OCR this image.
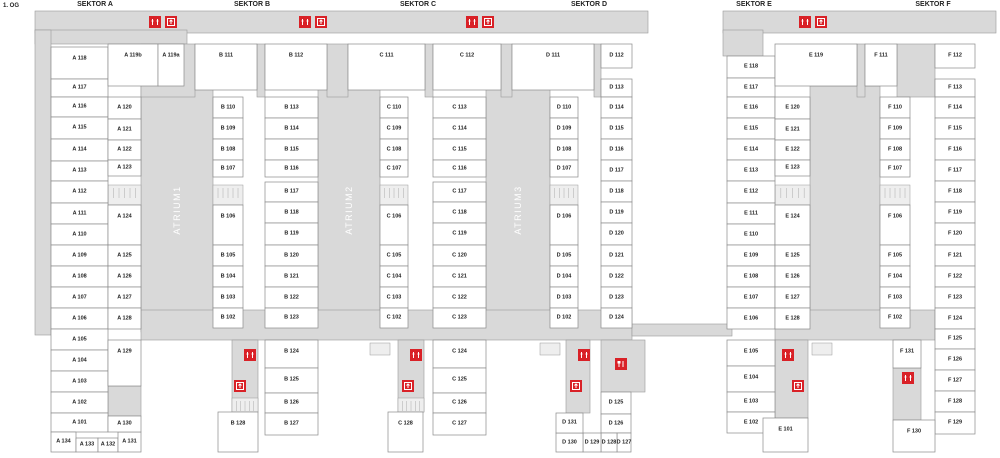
1. OG	SEKTOR A	SEKTOR B	SEKTOR C	SEKTOR D	SEKTOR E	SEKTOR F
ATRIUM1	ATRIUM2	ATRIUM3
A 118
A 117
A 116
A 115
A 114
A 113
A 112
A 111
A 110
A 109
A 108
A 107
A 106
A 105
A 104
A 103
A 102
A 101
A 134 A 133 A 132 A 131
A 130
A 119b	A 119a
A 120
A 121
A 122
A 123
A 124
A 125
A 126
A 127
A 128
A 129
B 111
B 110
B 109
B 108
B 107
B 106
B 105
B 104
B 103
B 102
B 112
B 113
B 114
B 115
B 116
B 117
B 118
B 119
B 120
B 121
B 122
B 123
B 124
B 125
B 126
B 127
B 128
C 111
C 110
C 109
C 108
C 107
C 106
C 105
C 104
C 103
C 102
C 112
C 113
C 114
C 115
C 116
C 117
C 118
C 119
C 120
C 121
C 122
C 123
C 124
C 125
C 126
C 127
C 128
D 111
D 110
D 109
D 108
D 107
D 106
D 105
D 104
D 103
D 102
D 112
D 113
D 114
D 115
D 116
D 117
D 118
D 119
D 120
D 121
D 122
D 123
D 124
D 125
D 126
D 127
D 128
D 129
D 130
D 131
E 118
E 117
E 116
E 115
E 114
E 113
E 112
E 111
E 110
E 109
E 108
E 107
E 106
E 105
E 104
E 103
E 102
E 101
E 119
E 120
E 121
E 122
E 123
E 124
E 125
E 126
E 127
E 128
F 111
F 110
F 109
F 108
F 107
F 106
F 105
F 104
F 103
F 102
F 112
F 113
F 114
F 115
F 116
F 117
F 118
F 119
F 120
F 121
F 122
F 123
F 124
F 125
F 126
F 127
F 128
F 129
F 130
F 131
